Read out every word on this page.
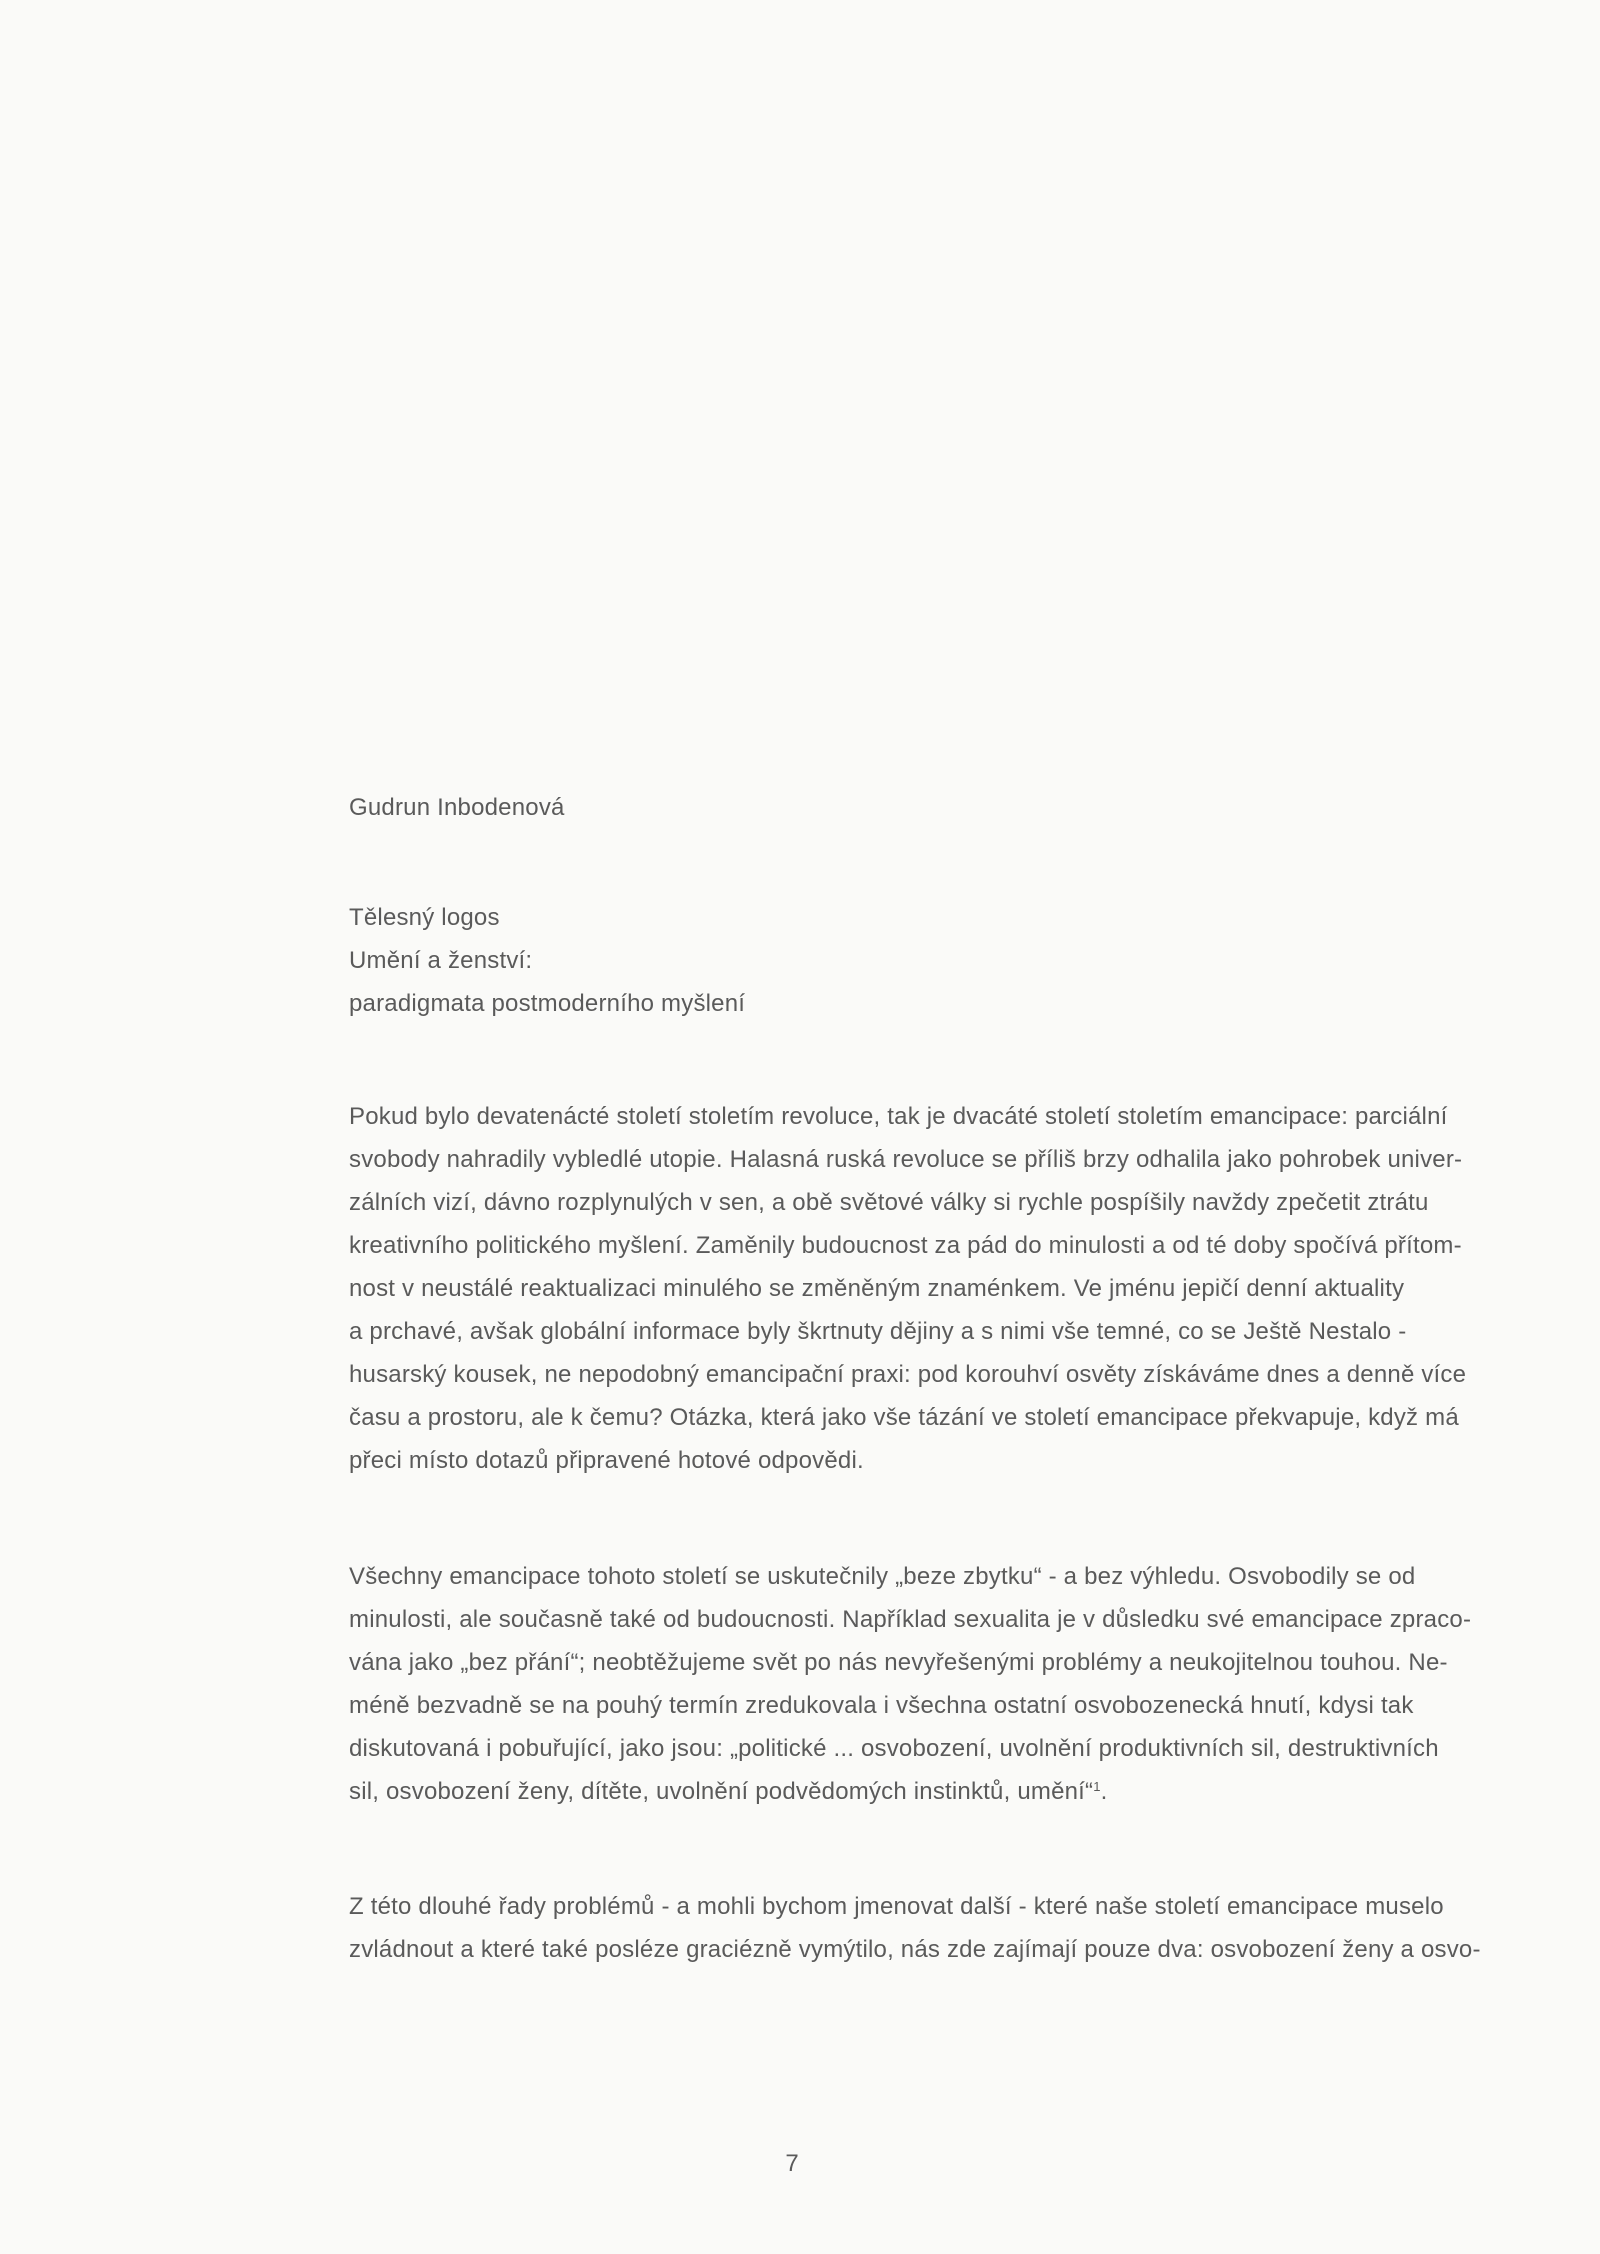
Gudrun Inbodenová
Tělesný logos
Umění a ženství:
paradigmata postmoderního myšlení
Pokud bylo devatenácté století stoletím revoluce, tak je dvacáté století stoletím emancipace: parciální
svobody nahradily vybledlé utopie. Halasná ruská revoluce se příliš brzy odhalila jako pohrobek univer-
zálních vizí, dávno rozplynulých v sen, a obě světové války si rychle pospíšily navždy zpečetit ztrátu
kreativního politického myšlení. Zaměnily budoucnost za pád do minulosti a od té doby spočívá přítom-
nost v neustálé reaktualizaci minulého se změněným znaménkem. Ve jménu jepičí denní aktuality
a prchavé, avšak globální informace byly škrtnuty dějiny a s nimi vše temné, co se Ještě Nestalo -
husarský kousek, ne nepodobný emancipační praxi: pod korouhví osvěty získáváme dnes a denně více
času a prostoru, ale k čemu? Otázka, která jako vše tázání ve století emancipace překvapuje, když má
přeci místo dotazů připravené hotové odpovědi.
Všechny emancipace tohoto století se uskutečnily „beze zbytku“ - a bez výhledu. Osvobodily se od
minulosti, ale současně také od budoucnosti. Například sexualita je v důsledku své emancipace zpraco-
vána jako „bez přání“; neobtěžujeme svět po nás nevyřešenými problémy a neukojitelnou touhou. Ne-
méně bezvadně se na pouhý termín zredukovala i všechna ostatní osvobozenecká hnutí, kdysi tak
diskutovaná i pobuřující, jako jsou: „politické ... osvobození, uvolnění produktivních sil, destruktivních
sil, osvobození ženy, dítěte, uvolnění podvědomých instinktů, umění“$^1$.
Z této dlouhé řady problémů - a mohli bychom jmenovat další - které naše století emancipace muselo
zvládnout a které také posléze graciézně vymýtilo, nás zde zajímají pouze dva: osvobození ženy a osvo-
7
